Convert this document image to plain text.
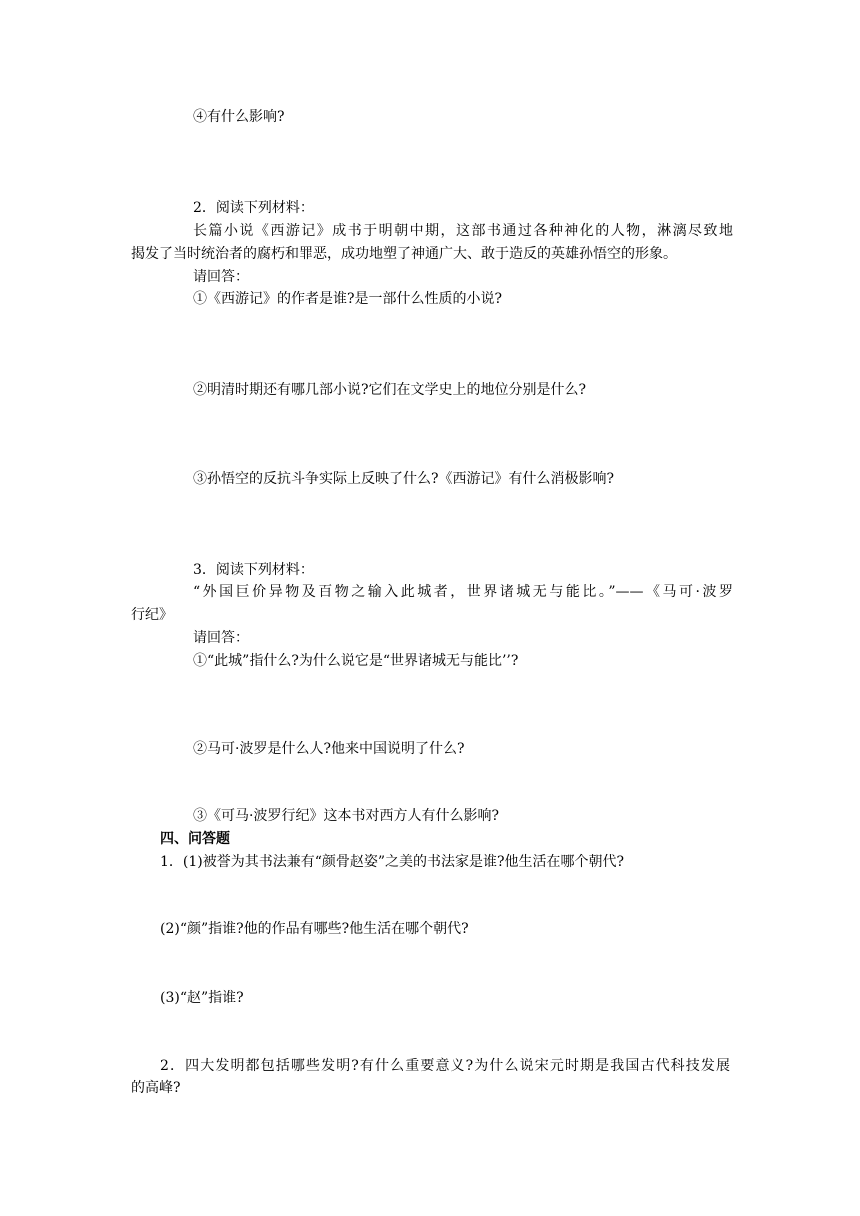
④有什么影响?
2．阅读下列材料：
长篇小说《西游记》成书于明朝中期，这部书通过各种神化的人物，淋漓尽致地
揭发了当时统治者的腐朽和罪恶，成功地塑了神通广大、敢于造反的英雄孙悟空的形象。
请回答：
①《西游记》的作者是谁?是一部什么性质的小说?
②明清时期还有哪几部小说?它们在文学史上的地位分别是什么?
③孙悟空的反抗斗争实际上反映了什么?《西游记》有什么消极影响?
3．阅读下列材料：
“外国巨价异物及百物之输入此城者，世界诸城无与能比。”——《马可·波罗
行纪》
请回答：
①“此城”指什么?为什么说它是“世界诸城无与能比’’?
②马可·波罗是什么人?他来中国说明了什么?
③《可马·波罗行纪》这本书对西方人有什么影响?
四、问答题
1．(1)被誉为其书法兼有“颜骨赵姿”之美的书法家是谁?他生活在哪个朝代?
(2)“颜”指谁?他的作品有哪些?他生活在哪个朝代?
(3)“赵”指谁?
2．四大发明都包括哪些发明?有什么重要意义?为什么说宋元时期是我国古代科技发展
的高峰?
